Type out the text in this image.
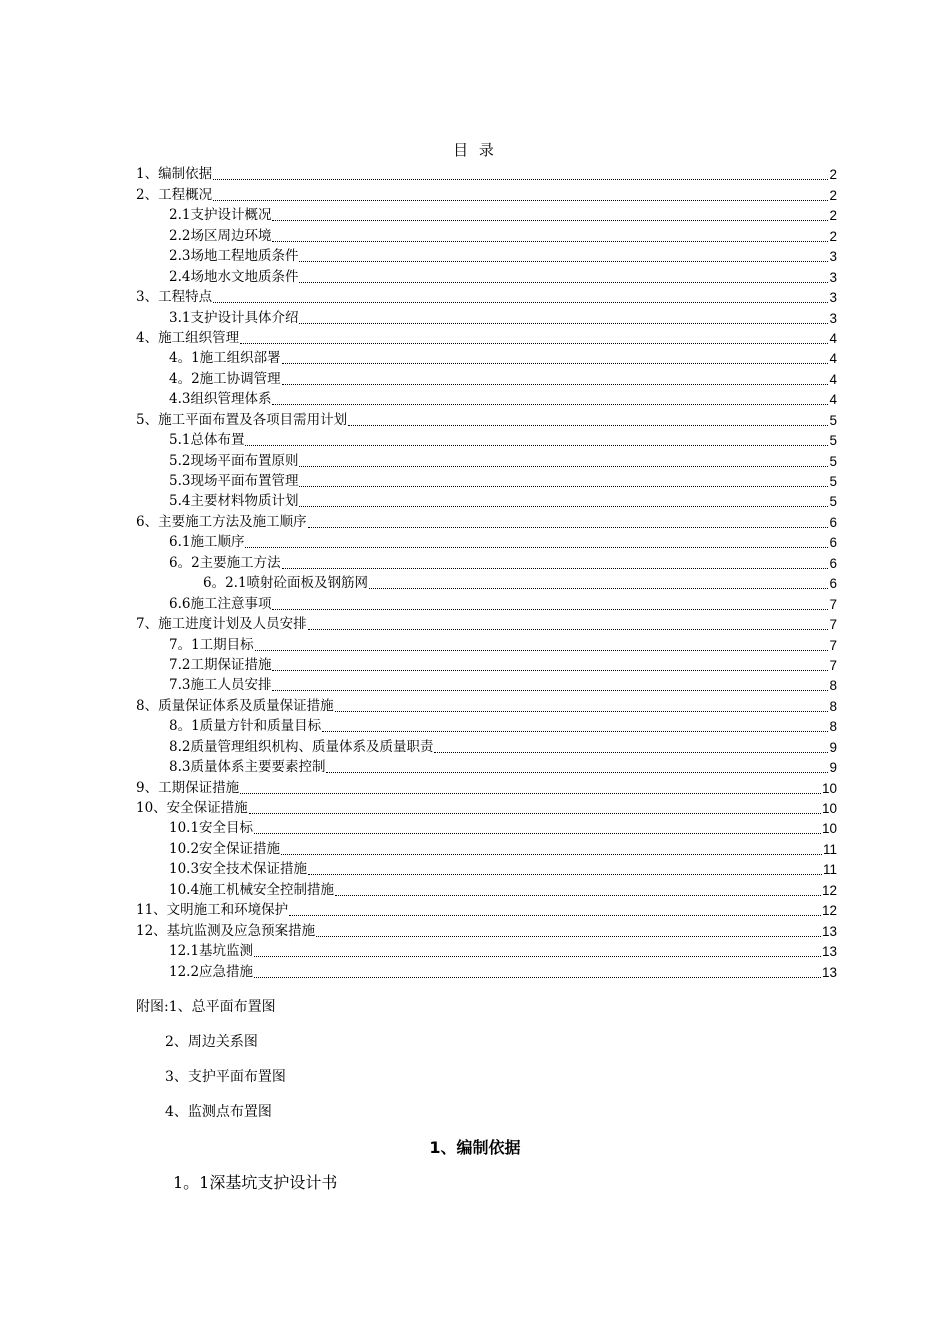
目 录
1、编制依据	2
2、工程概况	2
2.1支护设计概况	2
2.2场区周边环境	2
2.3场地工程地质条件	3
2.4场地水文地质条件	3
3、工程特点	3
3.1支护设计具体介绍	3
4、施工组织管理	4
4。1施工组织部署	4
4。2施工协调管理	4
4.3组织管理体系	4
5、施工平面布置及各项目需用计划	5
5.1总体布置	5
5.2现场平面布置原则	5
5.3现场平面布置管理	5
5.4主要材料物质计划	5
6、主要施工方法及施工顺序	6
6.1施工顺序	6
6。2主要施工方法	6
6。2.1喷射砼面板及钢筋网	6
6.6施工注意事项	7
7、施工进度计划及人员安排	7
7。1工期目标	7
7.2工期保证措施	7
7.3施工人员安排	8
8、质量保证体系及质量保证措施	8
8。1质量方针和质量目标	8
8.2质量管理组织机构、质量体系及质量职责	9
8.3质量体系主要要素控制	9
9、工期保证措施	10
10、安全保证措施	10
10.1安全目标	10
10.2安全保证措施	11
10.3安全技术保证措施	11
10.4施工机械安全控制措施	12
11、文明施工和环境保护	12
12、基坑监测及应急预案措施	13
12.1基坑监测	13
12.2应急措施	13
附图:1、总平面布置图
2、周边关系图
3、支护平面布置图
4、监测点布置图
1、编制依据
1。1深基坑支护设计书
